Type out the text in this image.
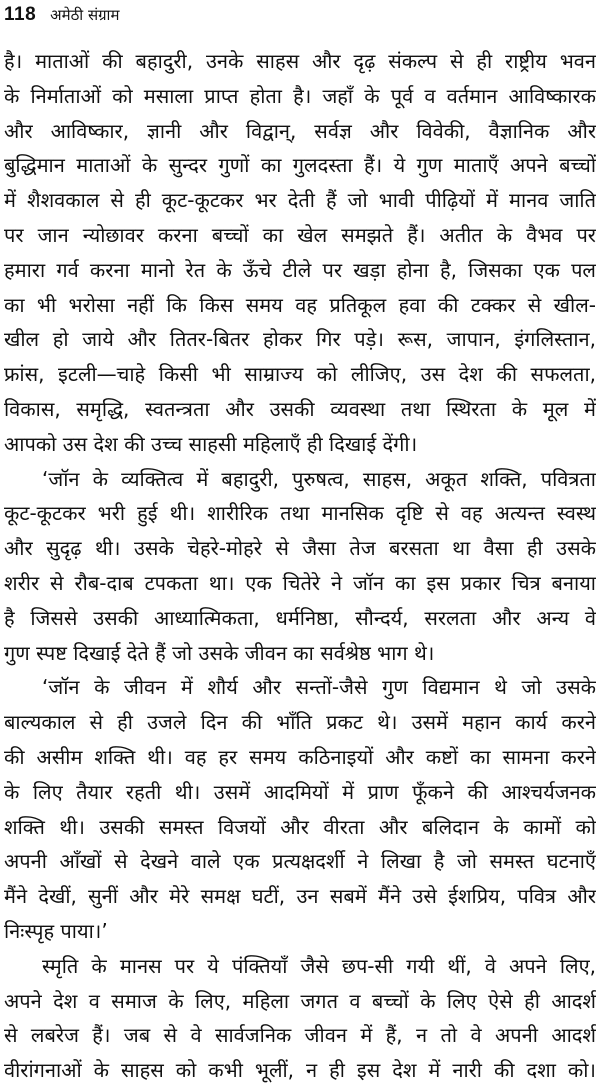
118 अमेठी संग्राम
है। माताओं की बहादुरी, उनके साहस और दृढ़ संकल्प से ही राष्ट्रीय भवन
के निर्माताओं को मसाला प्राप्त होता है। जहाँ के पूर्व व वर्तमान आविष्कारक
और आविष्कार, ज्ञानी और विद्वान्, सर्वज्ञ और विवेकी, वैज्ञानिक और
बुद्धिमान माताओं के सुन्दर गुणों का गुलदस्ता हैं। ये गुण माताएँ अपने बच्चों
में शैशवकाल से ही कूट-कूटकर भर देती हैं जो भावी पीढ़ियों में मानव जाति
पर जान न्योछावर करना बच्चों का खेल समझते हैं। अतीत के वैभव पर
हमारा गर्व करना मानो रेत के ऊँचे टीले पर खड़ा होना है, जिसका एक पल
का भी भरोसा नहीं कि किस समय वह प्रतिकूल हवा की टक्कर से खील-
खील हो जाये और तितर-बितर होकर गिर पड़े। रूस, जापान, इंगलिस्तान,
फ्रांस, इटली—चाहे किसी भी साम्राज्य को लीजिए, उस देश की सफलता,
विकास, समृद्धि, स्वतन्त्रता और उसकी व्यवस्था तथा स्थिरता के मूल में
आपको उस देश की उच्च साहसी महिलाएँ ही दिखाई देंगी।
‘जॉन के व्यक्तित्व में बहादुरी, पुरुषत्व, साहस, अकूत शक्ति, पवित्रता
कूट-कूटकर भरी हुई थी। शारीरिक तथा मानसिक दृष्टि से वह अत्यन्त स्वस्थ
और सुदृढ़ थी। उसके चेहरे-मोहरे से जैसा तेज बरसता था वैसा ही उसके
शरीर से रौब-दाब टपकता था। एक चितेरे ने जॉन का इस प्रकार चित्र बनाया
है जिससे उसकी आध्यात्मिकता, धर्मनिष्ठा, सौन्दर्य, सरलता और अन्य वे
गुण स्पष्ट दिखाई देते हैं जो उसके जीवन का सर्वश्रेष्ठ भाग थे।
‘जॉन के जीवन में शौर्य और सन्तों-जैसे गुण विद्यमान थे जो उसके
बाल्यकाल से ही उजले दिन की भाँति प्रकट थे। उसमें महान कार्य करने
की असीम शक्ति थी। वह हर समय कठिनाइयों और कष्टों का सामना करने
के लिए तैयार रहती थी। उसमें आदमियों में प्राण फूँकने की आश्चर्यजनक
शक्ति थी। उसकी समस्त विजयों और वीरता और बलिदान के कामों को
अपनी आँखों से देखने वाले एक प्रत्यक्षदर्शी ने लिखा है जो समस्त घटनाएँ
मैंने देखीं, सुनीं और मेरे समक्ष घटीं, उन सबमें मैंने उसे ईशप्रिय, पवित्र और
निःस्पृह पाया।’
स्मृति के मानस पर ये पंक्तियाँ जैसे छप-सी गयी थीं, वे अपने लिए,
अपने देश व समाज के लिए, महिला जगत व बच्चों के लिए ऐसे ही आदर्श
से लबरेज हैं। जब से वे सार्वजनिक जीवन में हैं, न तो वे अपनी आदर्श
वीरांगनाओं के साहस को कभी भूलीं, न ही इस देश में नारी की दशा को।
